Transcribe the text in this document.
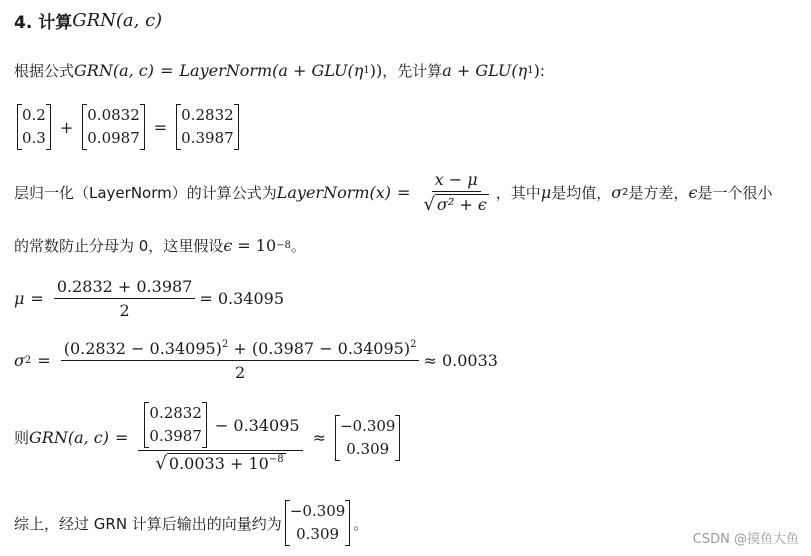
4. 计算 GRN(a, c)
根据公式 GRN(a, c) = LayerNorm(a + GLU(η 1 )) ，先计算 a + GLU(η 1 ) :
0.2
0.3
+
0.0832
0.0987
=
0.2832
0.3987
层归一化（LayerNorm）的计算公式为 LayerNorm(x) = $\frac{x - \mu}{\text{√ σ² + ϵ}}$ ，其中 μ 是均值， σ 2 是方差， ϵ 是一个很小
的常数防止分母为 0，这里假设 ϵ = 10 −8 。
$\mu = \frac{0.2832 + 0.3987}{2} = 0.34095$
σ $2 = \frac{(0.2832 - 0.34095)^2 + (0.3987 - 0.34095)^2}{2} \approx 0.0033$
则 GRN(a, c) = 0.2832
0.3987
− 0.34095
√ $0.0033 + 10^{-8}$ ≈
−0.309
0.309
综上，经过 GRN 计算后输出的向量约为
−0.309
0.309
。
CSDN @摸鱼大鱼
